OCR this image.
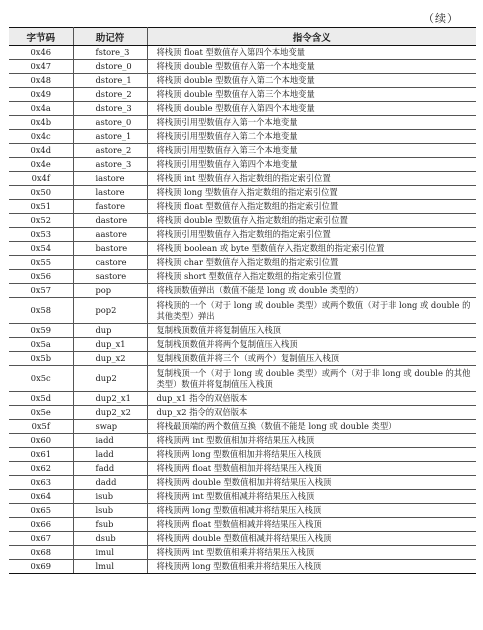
（续）
字节码	助记符	指令含义
0x46	fstore_3	将栈顶 float 型数值存入第四个本地变量
0x47	dstore_0	将栈顶 double 型数值存入第一个本地变量
0x48	dstore_1	将栈顶 double 型数值存入第二个本地变量
0x49	dstore_2	将栈顶 double 型数值存入第三个本地变量
0x4a	dstore_3	将栈顶 double 型数值存入第四个本地变量
0x4b	astore_0	将栈顶引用型数值存入第一个本地变量
0x4c	astore_1	将栈顶引用型数值存入第二个本地变量
0x4d	astore_2	将栈顶引用型数值存入第三个本地变量
0x4e	astore_3	将栈顶引用型数值存入第四个本地变量
0x4f	iastore	将栈顶 int 型数值存入指定数组的指定索引位置
0x50	lastore	将栈顶 long 型数值存入指定数组的指定索引位置
0x51	fastore	将栈顶 float 型数值存入指定数组的指定索引位置
0x52	dastore	将栈顶 double 型数值存入指定数组的指定索引位置
0x53	aastore	将栈顶引用型数值存入指定数组的指定索引位置
0x54	bastore	将栈顶 boolean 或 byte 型数值存入指定数组的指定索引位置
0x55	castore	将栈顶 char 型数值存入指定数组的指定索引位置
0x56	sastore	将栈顶 short 型数值存入指定数组的指定索引位置
0x57	pop	将栈顶数值弹出（数值不能是 long 或 double 类型的）
0x58	pop2	将栈顶的一个（对于 long 或 double 类型）或两个数值（对于非 long 或 double 的其他类型）弹出
0x59	dup	复制栈顶数值并将复制值压入栈顶
0x5a	dup_x1	复制栈顶数值并将两个复制值压入栈顶
0x5b	dup_x2	复制栈顶数值并将三个（或两个）复制值压入栈顶
0x5c	dup2	复制栈顶一个（对于 long 或 double 类型）或两个（对于非 long 或 double 的其他类型）数值并将复制值压入栈顶
0x5d	dup2_x1	dup_x1 指令的双倍版本
0x5e	dup2_x2	dup_x2 指令的双倍版本
0x5f	swap	将栈最顶端的两个数值互换（数值不能是 long 或 double 类型）
0x60	iadd	将栈顶两 int 型数值相加并将结果压入栈顶
0x61	ladd	将栈顶两 long 型数值相加并将结果压入栈顶
0x62	fadd	将栈顶两 float 型数值相加并将结果压入栈顶
0x63	dadd	将栈顶两 double 型数值相加并将结果压入栈顶
0x64	isub	将栈顶两 int 型数值相减并将结果压入栈顶
0x65	lsub	将栈顶两 long 型数值相减并将结果压入栈顶
0x66	fsub	将栈顶两 float 型数值相减并将结果压入栈顶
0x67	dsub	将栈顶两 double 型数值相减并将结果压入栈顶
0x68	imul	将栈顶两 int 型数值相乘并将结果压入栈顶
0x69	lmul	将栈顶两 long 型数值相乘并将结果压入栈顶
